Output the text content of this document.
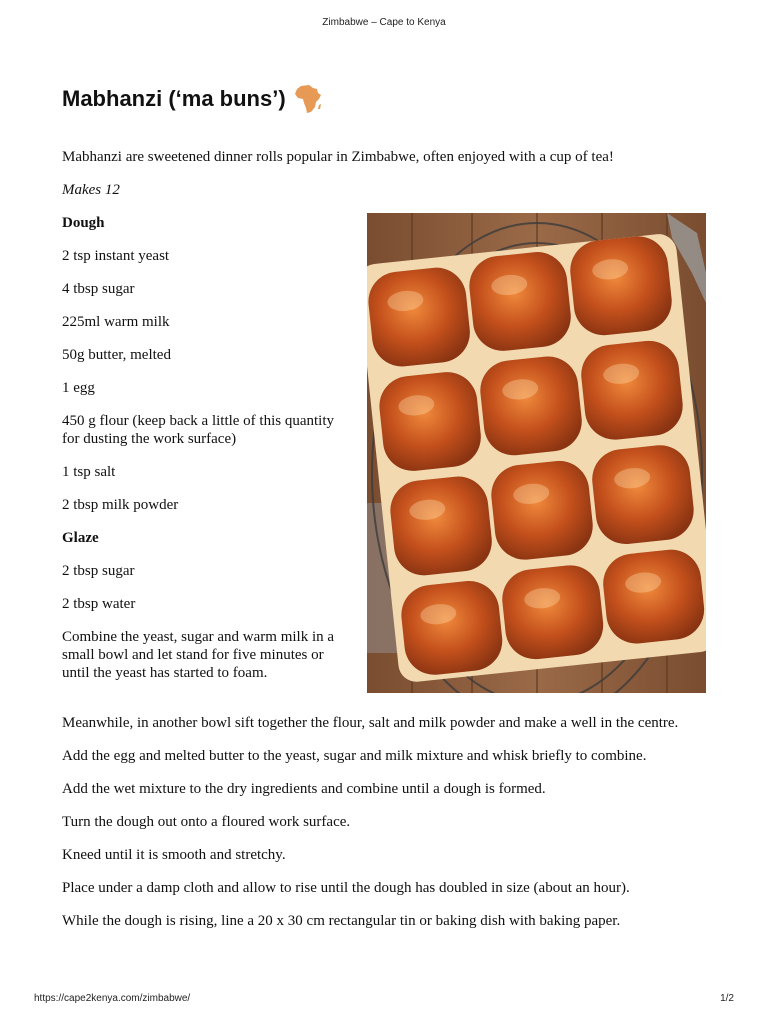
Zimbabwe – Cape to Kenya
Mabhanzi (‘ma buns’)

Mabhanzi are sweetened dinner rolls popular in Zimbabwe, often enjoyed with a cup of tea!

Makes 12

Dough

2 tsp instant yeast

4 tbsp sugar

225ml warm milk

50g butter, melted

1 egg

450 g flour (keep back a little of this quantity for dusting the work surface)

1 tsp salt

2 tbsp milk powder

Glaze

2 tbsp sugar

2 tbsp water

Combine the yeast, sugar and warm milk in a small bowl and let stand for five minutes or until the yeast has started to foam.

Meanwhile, in another bowl sift together the flour, salt and milk powder and make a well in the centre.

Add the egg and melted butter to the yeast, sugar and milk mixture and whisk briefly to combine.

Add the wet mixture to the dry ingredients and combine until a dough is formed.

Turn the dough out onto a floured work surface.

Kneed until it is smooth and stretchy.

Place under a damp cloth and allow to rise until the dough has doubled in size (about an hour).

While the dough is rising, line a 20 x 30 cm rectangular tin or baking dish with baking paper.

https://cape2kenya.com/zimbabwe/	1/2
